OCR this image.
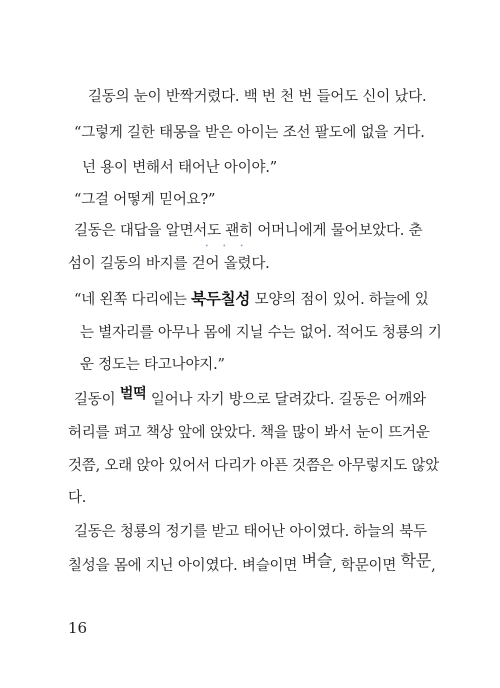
길동의 눈이 반짝거렸다. 백 번 천 번 들어도 신이 났다.
“그렇게 길한 태몽을 받은 아이는 조선 팔도에 없을 거다.
넌 용이 변해서 태어난 아이야.”
“그걸 어떻게 믿어요?”
길동은 대답을 알면서도 괜히 어머니에게 물어보았다. 춘
섬이 길동의 바지를 걷어 올렸다.
• • •
“네 왼쪽 다리에는 북두칠성 모양의 점이 있어. 하늘에 있
는 별자리를 아무나 몸에 지닐 수는 없어. 적어도 청룡의 기
운 정도는 타고나야지.”
길동이 벌떡 일어나 자기 방으로 달려갔다. 길동은 어깨와
허리를 펴고 책상 앞에 앉았다. 책을 많이 봐서 눈이 뜨거운
것쯤, 오래 앉아 있어서 다리가 아픈 것쯤은 아무렇지도 않았
다.
길동은 청룡의 정기를 받고 태어난 아이였다. 하늘의 북두
칠성을 몸에 지닌 아이였다. 벼슬이면 벼슬, 학문이면 학문,
16
